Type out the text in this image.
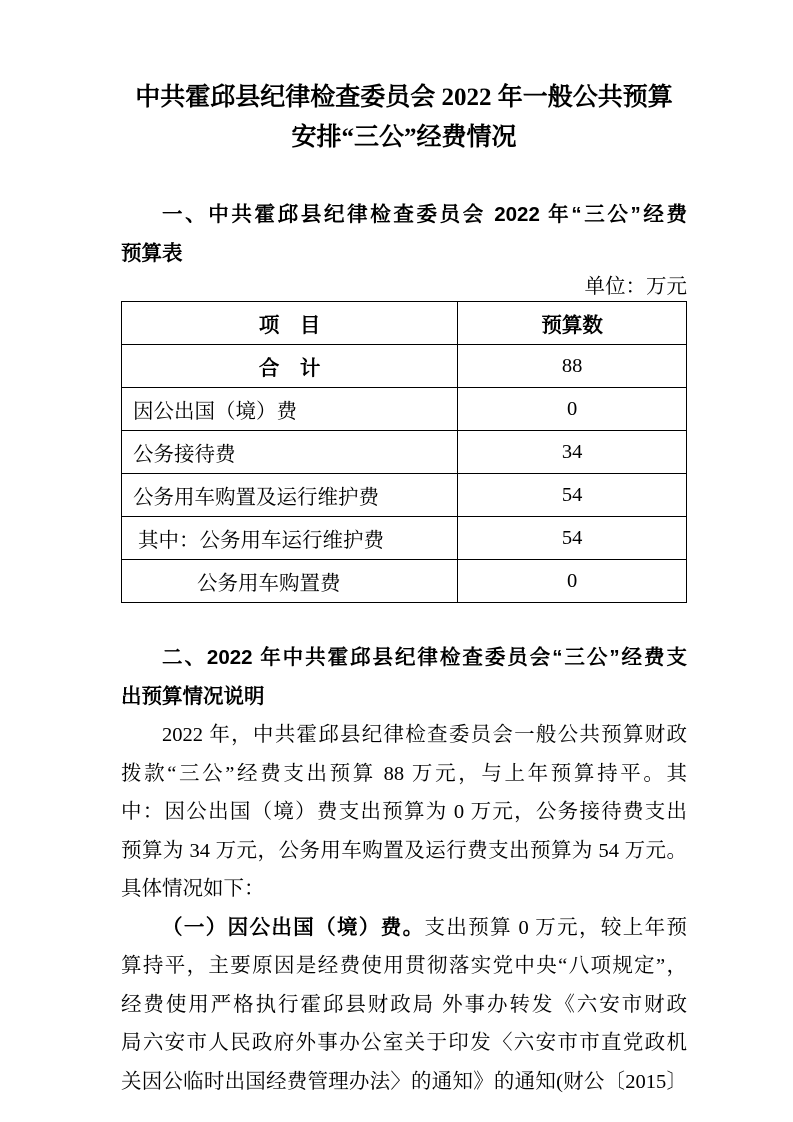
中共霍邱县纪律检查委员会 2022 年一般公共预算
安排“三公”经费情况
一、中共霍邱县纪律检查委员会 2022 年“三公”经费
预算表
单位：万元
项　目	预算数
合　计	88
因公出国（境）费	0
公务接待费	34
公务用车购置及运行维护费	54
其中：公务用车运行维护费	54
公务用车购置费	0
二、2022 年中共霍邱县纪律检查委员会“三公”经费支
出预算情况说明
2022 年，中共霍邱县纪律检查委员会一般公共预算财政
拨款“三公”经费支出预算 88 万元，与上年预算持平。其
中：因公出国（境）费支出预算为 0 万元，公务接待费支出
预算为 34 万元，公务用车购置及运行费支出预算为 54 万元。
具体情况如下：
（一）因公出国（境）费。支出预算 0 万元，较上年预
算持平，主要原因是经费使用贯彻落实党中央“八项规定”，
经费使用严格执行霍邱县财政局 外事办转发《六安市财政
局六安市人民政府外事办公室关于印发〈六安市市直党政机
关因公临时出国经费管理办法〉的通知》的通知(财公〔2015〕
